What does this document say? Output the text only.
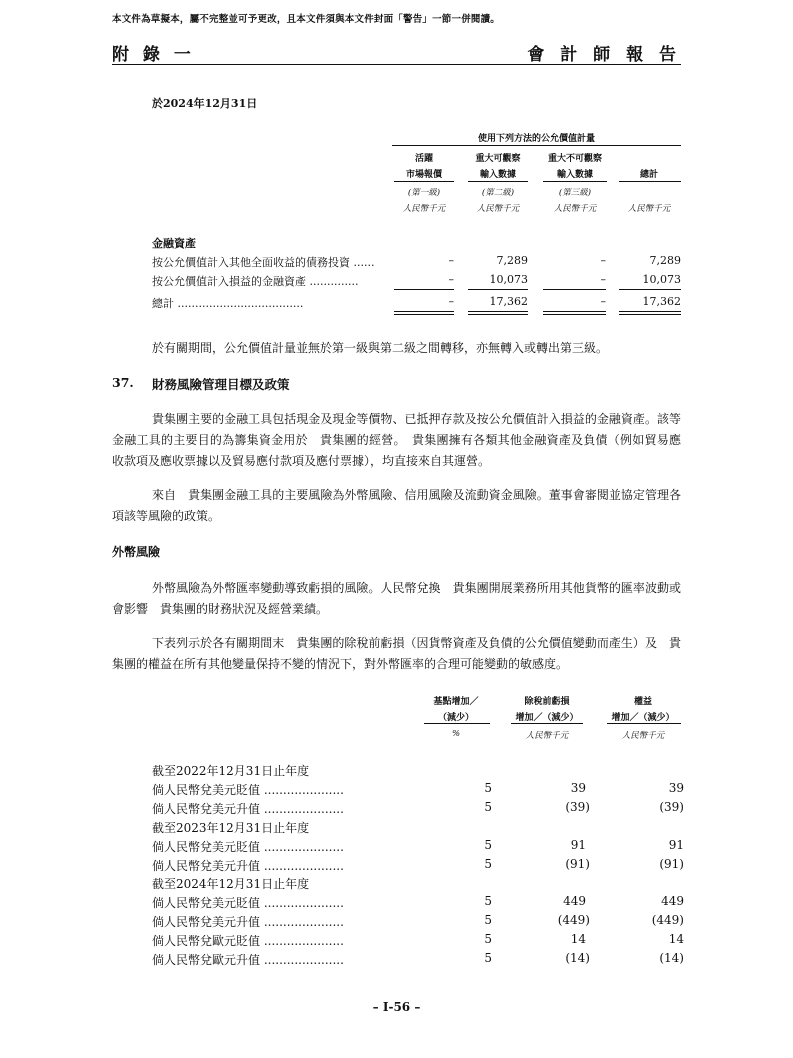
本文件為草擬本，屬不完整並可予更改，且本文件須與本文件封面「警告」一節一併閱讀。
附 錄 一	會 計 師 報 告
於2024年12月31日
使用下列方法的公允價值計量
活躍
市場報價
(第一級)
人民幣千元
重大可觀察
輸入數據
(第二級)
人民幣千元
重大不可觀察
輸入數據
(第三級)
人民幣千元
總計
人民幣千元
金融資產
按公允價值計入其他全面收益的債務投資 ......	–	7,289	–	7,289
按公允價值計入損益的金融資產 ..............	–	10,073	–	10,073
總計 ....................................	–	17,362	–	17,362
於有關期間，公允價值計量並無於第一級與第二級之間轉移，亦無轉入或轉出第三級。
37. 財務風險管理目標及政策
貴集團主要的金融工具包括現金及現金等價物、已抵押存款及按公允價值計入損益的金融資產。該等金融工具的主要目的為籌集資金用於　貴集團的經營。　貴集團擁有各類其他金融資產及負債（例如貿易應收款項及應收票據以及貿易應付款項及應付票據），均直接來自其運營。
來自　貴集團金融工具的主要風險為外幣風險、信用風險及流動資金風險。董事會審閱並協定管理各項該等風險的政策。
外幣風險
外幣風險為外幣匯率變動導致虧損的風險。人民幣兌換　貴集團開展業務所用其他貨幣的匯率波動或會影響　貴集團的財務狀況及經營業績。
下表列示於各有關期間末　貴集團的除稅前虧損（因貨幣資產及負債的公允價值變動而產生）及　貴集團的權益在所有其他變量保持不變的情況下，對外幣匯率的合理可能變動的敏感度。
基點增加／
（減少）
%
除稅前虧損
增加／（減少）
人民幣千元
權益
增加／（減少）
人民幣千元
截至2022年12月31日止年度
倘人民幣兌美元貶值 .....................	5	39	39
倘人民幣兌美元升值 .....................	5	(39)	(39)
截至2023年12月31日止年度
倘人民幣兌美元貶值 .....................	5	91	91
倘人民幣兌美元升值 .....................	5	(91)	(91)
截至2024年12月31日止年度
倘人民幣兌美元貶值 .....................	5	449	449
倘人民幣兌美元升值 .....................	5	(449)	(449)
倘人民幣兌歐元貶值 .....................	5	14	14
倘人民幣兌歐元升值 .....................	5	(14)	(14)
– I-56 –
